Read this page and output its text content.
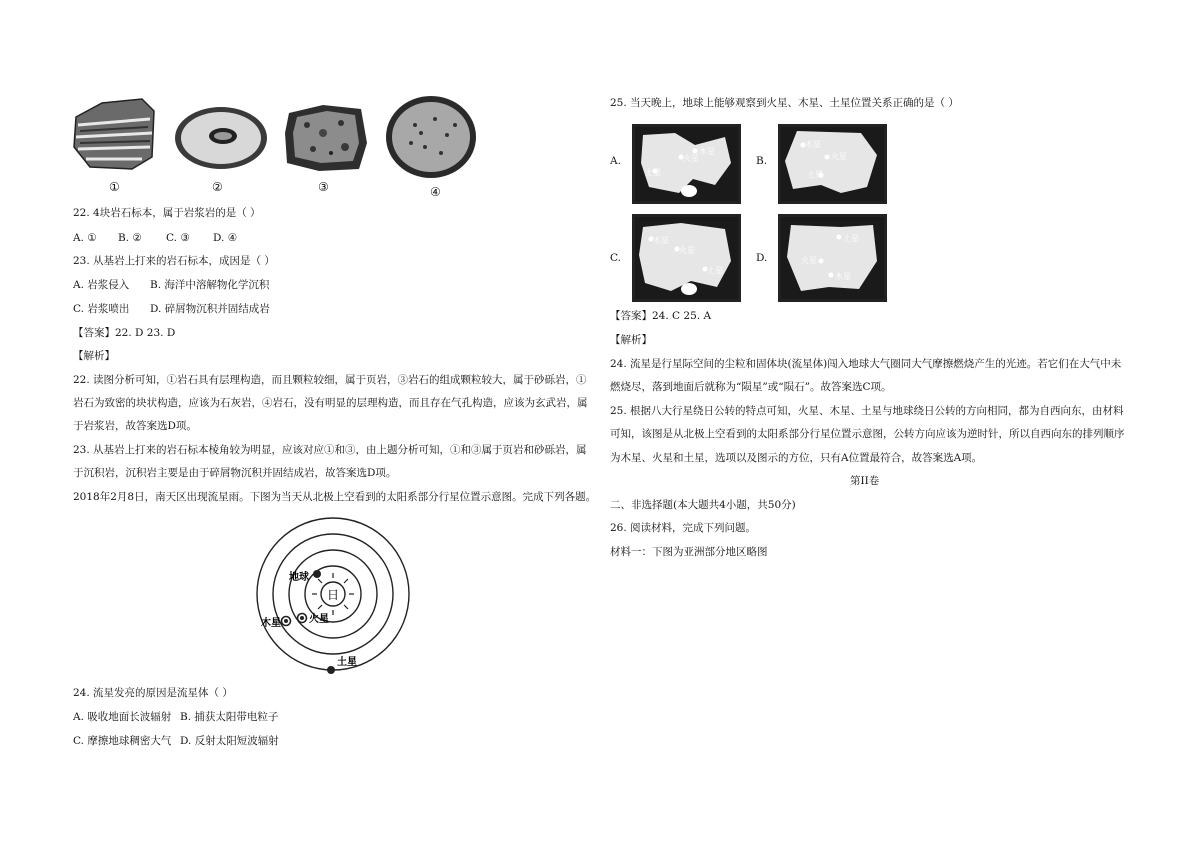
①	②	③	④
22. 4块岩石标本，属于岩浆岩的是（ ）
A. ① B. ② C. ③ D. ④
23. 从基岩上打来的岩石标本，成因是（ ）
A. 岩浆侵入 B. 海洋中溶解物化学沉积
C. 岩浆喷出 D. 碎屑物沉积并固结成岩
【答案】22. D 23. D
【解析】
22. 读图分析可知，①岩石具有层理构造，而且颗粒较细，属于页岩，③岩石的组成颗粒较大，属于砂砾岩，①
岩石为致密的块状构造，应该为石灰岩，④岩石，没有明显的层理构造，而且存在气孔构造，应该为玄武岩，属
于岩浆岩，故答案选D项。
23. 从基岩上打来的岩石标本棱角较为明显，应该对应①和③，由上题分析可知，①和③属于页岩和砂砾岩，属
于沉积岩，沉积岩主要是由于碎屑物沉积并固结成岩，故答案选D项。
2018年2月8日，南天区出现流星雨。下图为当天从北极上空看到的太阳系部分行星位置示意图。完成下列各题。
日
地球
火星
木星
土星
24. 流星发亮的原因是流星体（ ）
A. 吸收地面长波辐射 B. 捕获太阳带电粒子
C. 摩擦地球稠密大气 D. 反射太阳短波辐射
25. 当天晚上，地球上能够观察到火星、木星、土星位置关系正确的是（ ）
A.
木星
火星
土星
B.
木星
火星
土星
C.
木星
火星
土星
D.
土星
火星
木星
【答案】24. C 25. A
【解析】
24. 流星是行星际空间的尘粒和固体块(流星体)闯入地球大气圈同大气摩擦燃烧产生的光迹。若它们在大气中未
燃烧尽，落到地面后就称为“陨星”或“陨石”。故答案选C项。
25. 根据八大行星绕日公转的特点可知，火星、木星、土星与地球绕日公转的方向相同，都为自西向东，由材料
可知，该图是从北极上空看到的太阳系部分行星位置示意图，公转方向应该为逆时针，所以自西向东的排列顺序
为木星、火星和土星，选项以及图示的方位，只有A位置最符合，故答案选A项。
第II卷
二、非选择题(本大题共4小题，共50分)
26. 阅读材料，完成下列问题。
材料一：下图为亚洲部分地区略图
